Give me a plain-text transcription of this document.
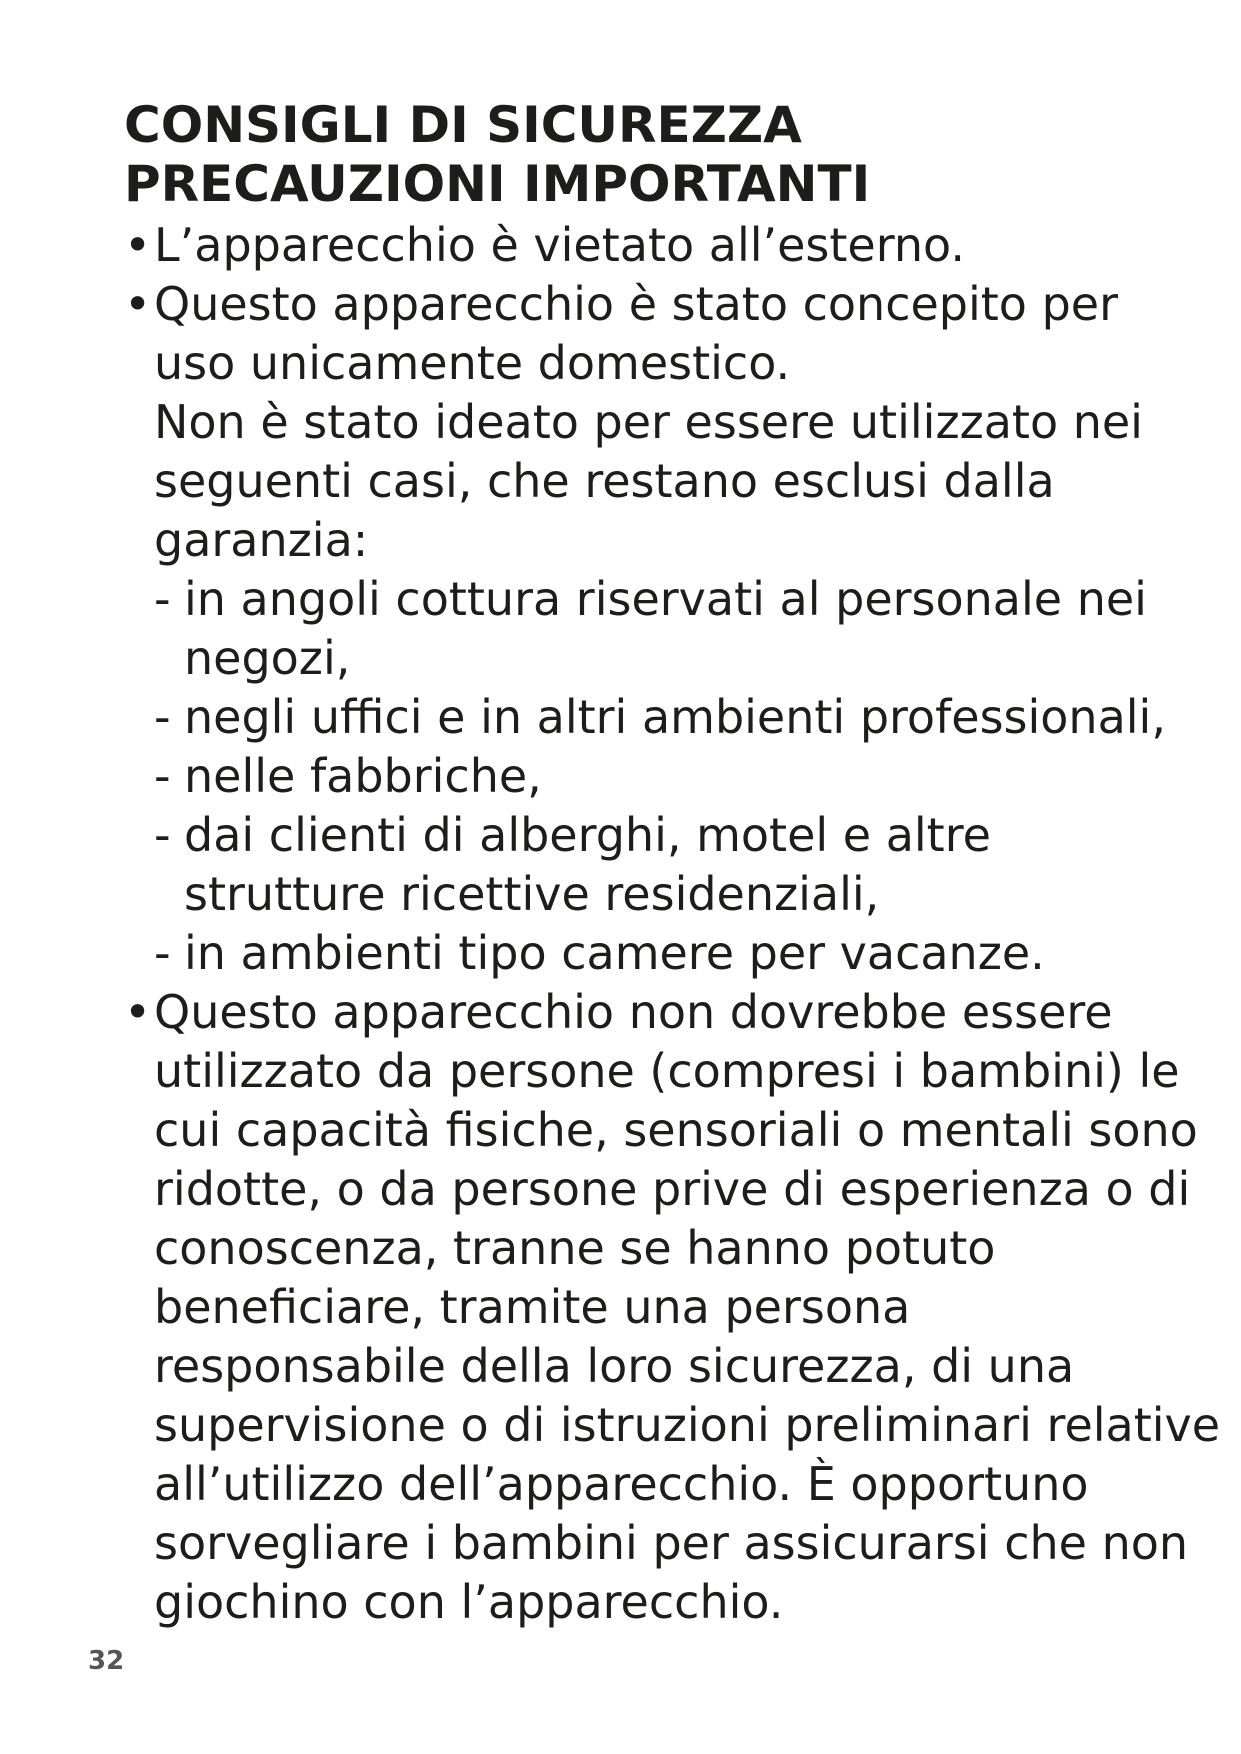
CONSIGLI DI SICUREZZA
PRECAUZIONI IMPORTANTI
•L’apparecchio è vietato all’esterno.
•Questo apparecchio è stato concepito per
uso unicamente domestico.
Non è stato ideato per essere utilizzato nei
seguenti casi, che restano esclusi dalla
garanzia:
- in angoli cottura riservati al personale nei
negozi,
- negli uffici e in altri ambienti professionali,
- nelle fabbriche,
- dai clienti di alberghi, motel e altre
strutture ricettive residenziali,
- in ambienti tipo camere per vacanze.
•Questo apparecchio non dovrebbe essere
utilizzato da persone (compresi i bambini) le
cui capacità fisiche, sensoriali o mentali sono
ridotte, o da persone prive di esperienza o di
conoscenza, tranne se hanno potuto
beneficiare, tramite una persona
responsabile della loro sicurezza, di una
supervisione o di istruzioni preliminari relative
all’utilizzo dell’apparecchio. È opportuno
sorvegliare i bambini per assicurarsi che non
giochino con l’apparecchio.
32
